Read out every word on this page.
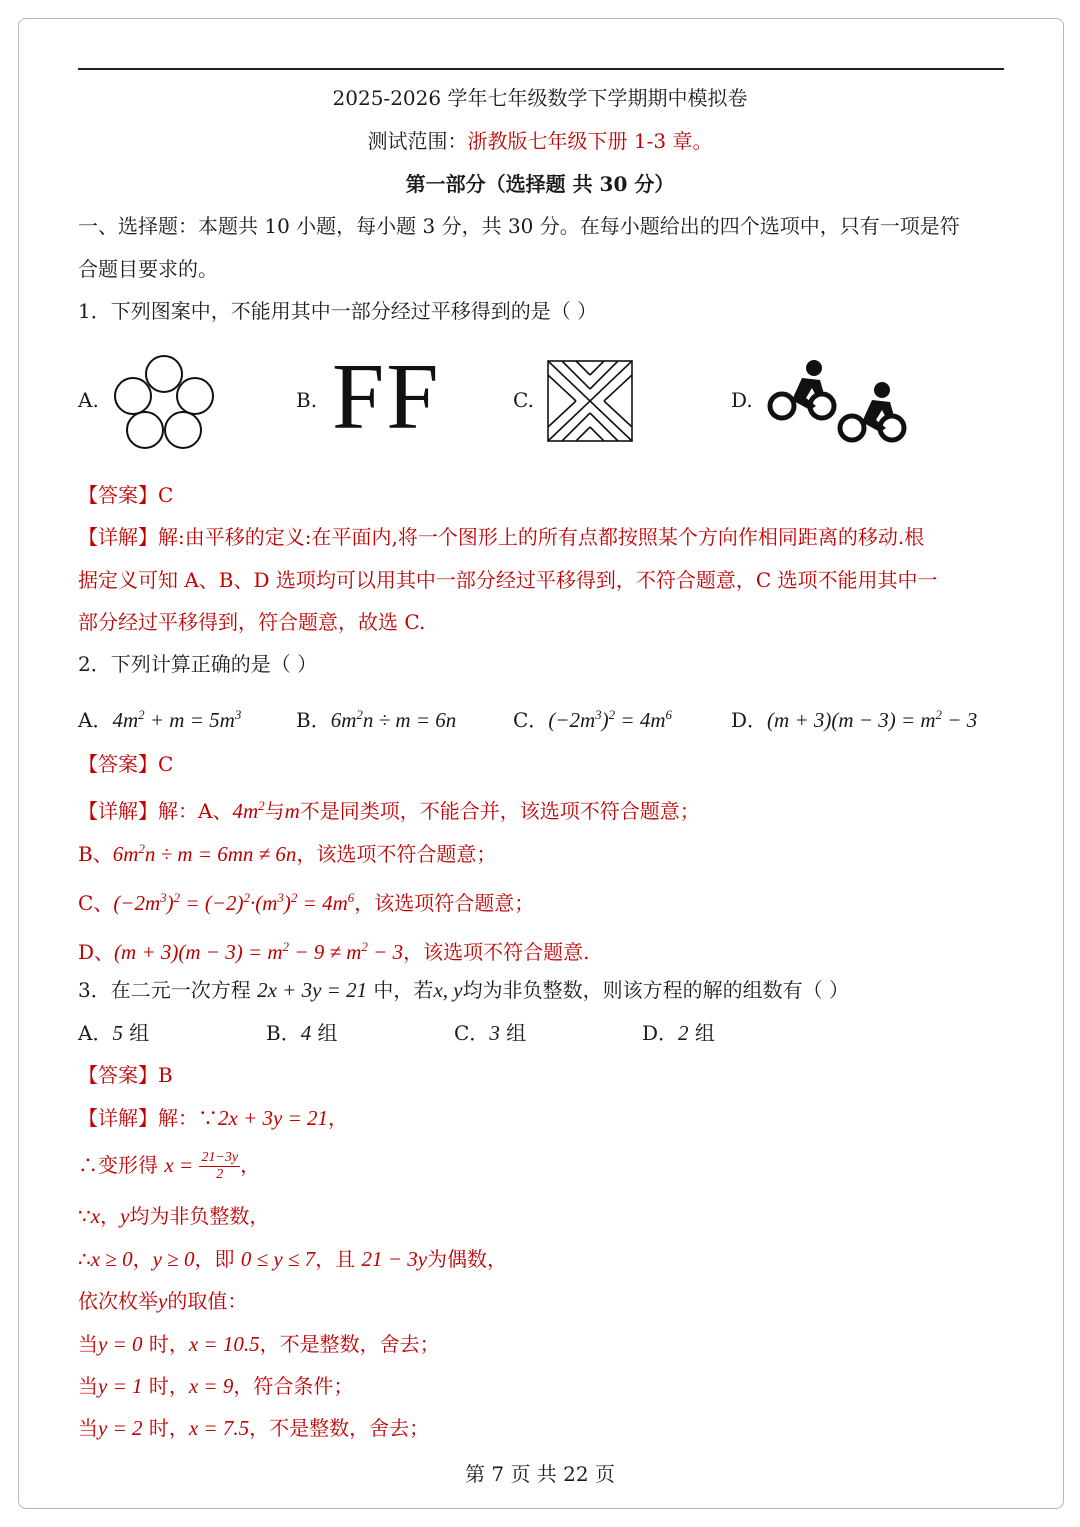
2025-2026 学年七年级数学下学期期中模拟卷
测试范围：浙教版七年级下册 1-3 章。
第一部分（选择题 共 30 分）
一、选择题：本题共 10 小题，每小题 3 分，共 30 分。在每小题给出的四个选项中，只有一项是符
合题目要求的。
1．下列图案中，不能用其中一部分经过平移得到的是（ ）
A.	B. FF	C.	D.
【答案】C
【详解】解:由平移的定义:在平面内,将一个图形上的所有点都按照某个方向作相同距离的移动.根
据定义可知 A、B、D 选项均可以用其中一部分经过平移得到，不符合题意，C 选项不能用其中一
部分经过平移得到，符合题意，故选 C.
2．下列计算正确的是（ ）
A．$4m^2 + m = 5m^3$	B．$6m^2n \div m = 6n$	C．$(-2m^3)^2 = 4m^6$	D．$(m + 3)(m - 3) = m^2 - 3$
【答案】C
【详解】解：A、$4m^2$与m不是同类项，不能合并，该选项不符合题意；
B、$6m^2n \div m = 6mn \ne 6n$，该选项不符合题意；
C、$(-2m^3)^2 = (-2)^2\cdot(m^3)^2 = 4m^6$，该选项符合题意；
D、$(m + 3)(m - 3) = m^2 - 9 \ne m^2 - 3$，该选项不符合题意.
3．在二元一次方程 2x + 3y = 21 中，若x, y均为非负整数，则该方程的解的组数有（ ）
A．5 组	B．4 组	C．3 组	D．2 组
【答案】B
【详解】解：∵2x + 3y = 21，
∴变形得 $x = \frac{21-3y}{2}$ ，
∵x，y均为非负整数，
∴x ≥ 0，y ≥ 0，即 0 ≤ y ≤ 7，且 21 − 3y为偶数，
依次枚举y的取值：
当y = 0 时，x = 10.5，不是整数，舍去；
当y = 1 时，x = 9，符合条件；
当y = 2 时，x = 7.5，不是整数，舍去；
第 7 页 共 22 页
